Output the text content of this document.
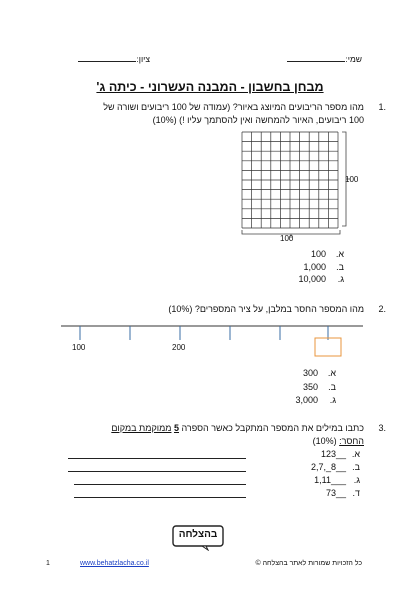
שמי:
ציון:
מבחן בחשבון - המבנה העשרוני - כיתה ג'
1.
מהו מספר הריבועים המיוצג באיור? (עמודה של 100 ריבועים ושורה של
100 ריבועים, האיור להמחשה ואין להסתמך עליו !) (10%)
100
100
א.100
ב.1,000
ג.10,000
2.
מהו המספר החסר במלבן, על ציר המספרים? (10%)
100	200
א.300
ב.350
ג.3,000
3.
כתבו במילים את המספר המתקבל כאשר הספרה 5 ממוקמת במקום
החסר: (10%)
א.
__123
ב.
__8_,2,7
ג.
___1,11
ד.
__73
בהצלחה
1	www.behatzlacha.co.il	כל הזכויות שמורות לאתר בהצלחה ©
